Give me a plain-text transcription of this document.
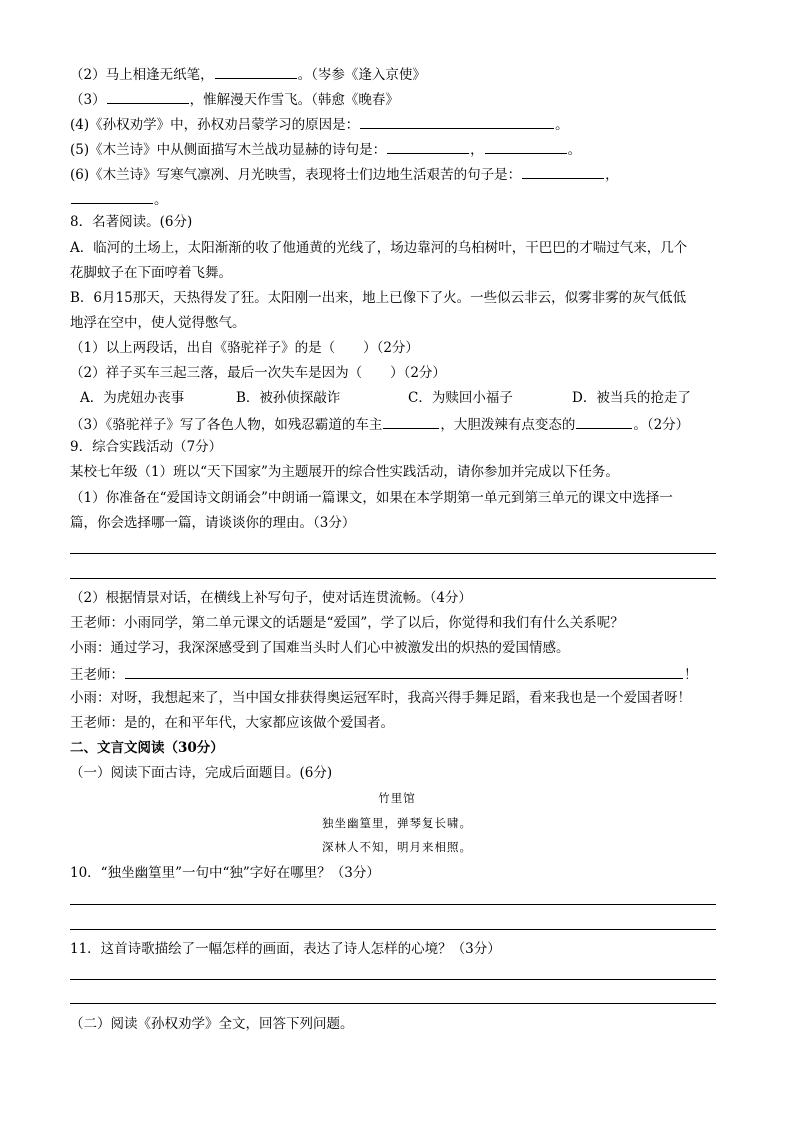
（2）马上相逢无纸笔，	。（岑参《逢入京使》
（3）	，惟解漫天作雪飞。（韩愈《晚春》
(4)《孙权劝学》中，孙权劝吕蒙学习的原因是：	。
(5)《木兰诗》中从侧面描写木兰战功显赫的诗句是：	，	。
(6)《木兰诗》写寒气凛冽、月光映雪，表现将士们边地生活艰苦的句子是：	，
。
8．名著阅读。(6分)
A．临河的土场上，太阳渐渐的收了他通黄的光线了，场边靠河的乌桕树叶，干巴巴的才喘过气来，几个
花脚蚊子在下面哼着飞舞。
B．6月15那天，天热得发了狂。太阳刚一出来，地上已像下了火。一些似云非云，似雾非雾的灰气低低
地浮在空中，使人觉得憋气。
（1）以上两段话，出自《骆驼祥子》的是（ ）（2分）
（2）祥子买车三起三落，最后一次失车是因为（ ）（2分）
A．为虎妞办丧事	B．被孙侦探敲诈	C．为赎回小福子	D．被当兵的抢走了
（3）《骆驼祥子》写了各色人物，如残忍霸道的车主	，大胆泼辣有点变态的	。（2分）
9．综合实践活动（7分）
某校七年级（1）班以“天下国家”为主题展开的综合性实践活动，请你参加并完成以下任务。
（1）你准备在“爱国诗文朗诵会”中朗诵一篇课文，如果在本学期第一单元到第三单元的课文中选择一
篇，你会选择哪一篇，请谈谈你的理由。（3分）
（2）根据情景对话，在横线上补写句子，使对话连贯流畅。（4分）
王老师：小雨同学，第二单元课文的话题是“爱国”，学了以后，你觉得和我们有什么关系呢？
小雨：通过学习，我深深感受到了国难当头时人们心中被激发出的炽热的爱国情感。
王老师：	！
小雨：对呀，我想起来了，当中国女排获得奥运冠军时，我高兴得手舞足蹈，看来我也是一个爱国者呀！
王老师：是的，在和平年代，大家都应该做个爱国者。
二、文言文阅读（30分）
（一）阅读下面古诗，完成后面题目。(6分)
竹里馆
独坐幽篁里，弹琴复长啸。
深林人不知，明月来相照。
10．“独坐幽篁里”一句中“独”字好在哪里？（3分）
11．这首诗歌描绘了一幅怎样的画面，表达了诗人怎样的心境？（3分）
（二）阅读《孙权劝学》全文，回答下列问题。
